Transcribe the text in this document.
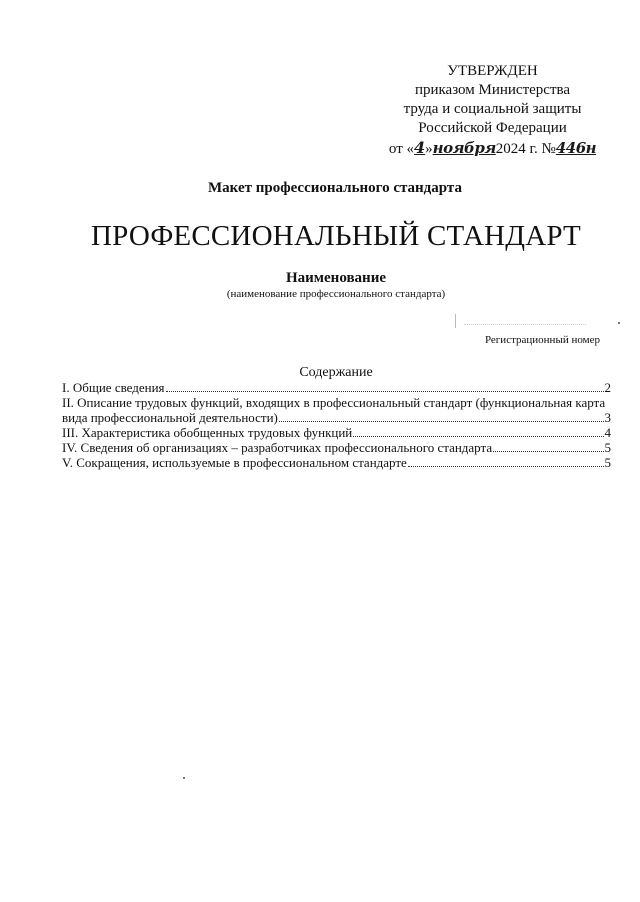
УТВЕРЖДЕН
приказом Министерства
труда и социальной защиты
Российской Федерации
от «4»ноября2024 г. №446н
Макет профессионального стандарта
ПРОФЕССИОНАЛЬНЫЙ СТАНДАРТ
Наименование
(наименование профессионального стандарта)
Регистрационный номер
Содержание
I. Общие сведения	2
II. Описание трудовых функций, входящих в профессиональный стандарт (функциональная карта
вида профессиональной деятельности)	3
III. Характеристика обобщенных трудовых функций	4
IV. Сведения об организациях – разработчиках профессионального стандарта	5
V. Сокращения, используемые в профессиональном стандарте	5
